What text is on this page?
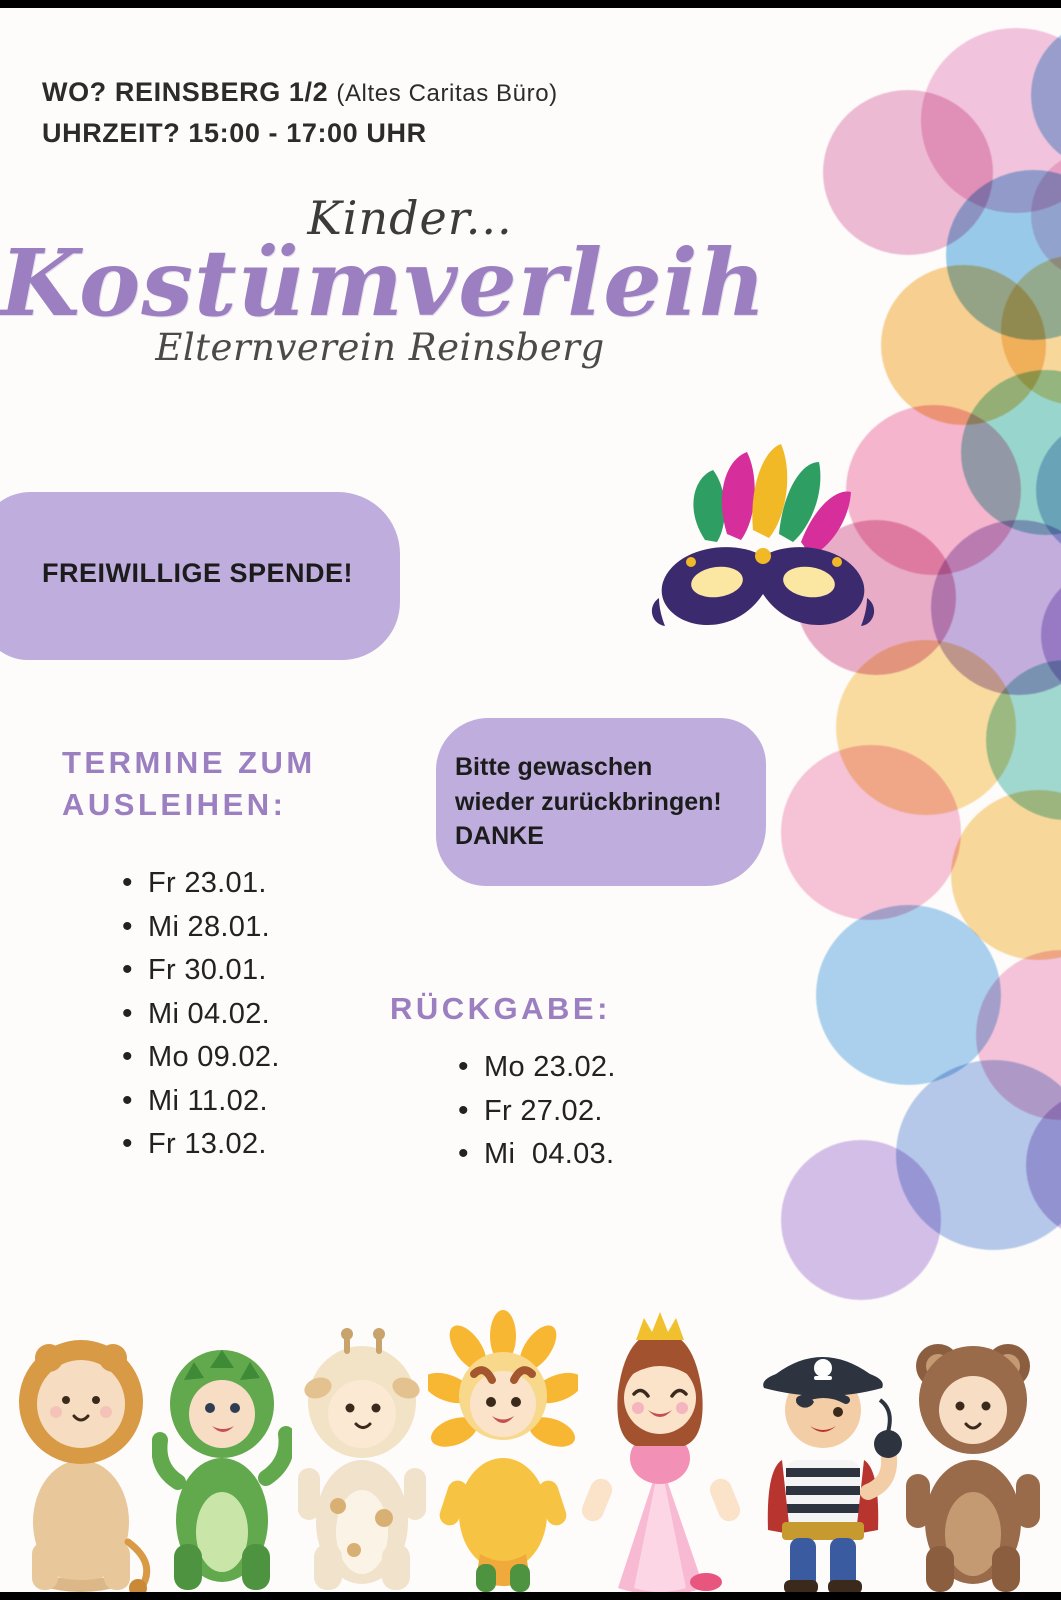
WO? REINSBERG 1/2 (Altes Caritas Büro)
UHRZEIT? 15:00 - 17:00 UHR
Kinder...
Kostümverleih
Elternverein Reinsberg
FREIWILLIGE SPENDE!
Bitte gewaschen
wieder zurückbringen!
DANKE
TERMINE ZUM AUSLEIHEN:
• Fr 23.01.
• Mi 28.01.
• Fr 30.01.
• Mi 04.02.
• Mo 09.02.
• Mi 11.02.
• Fr 13.02.
RÜCKGABE:
• Mo 23.02.
• Fr 27.02.
• Mi  04.03.
